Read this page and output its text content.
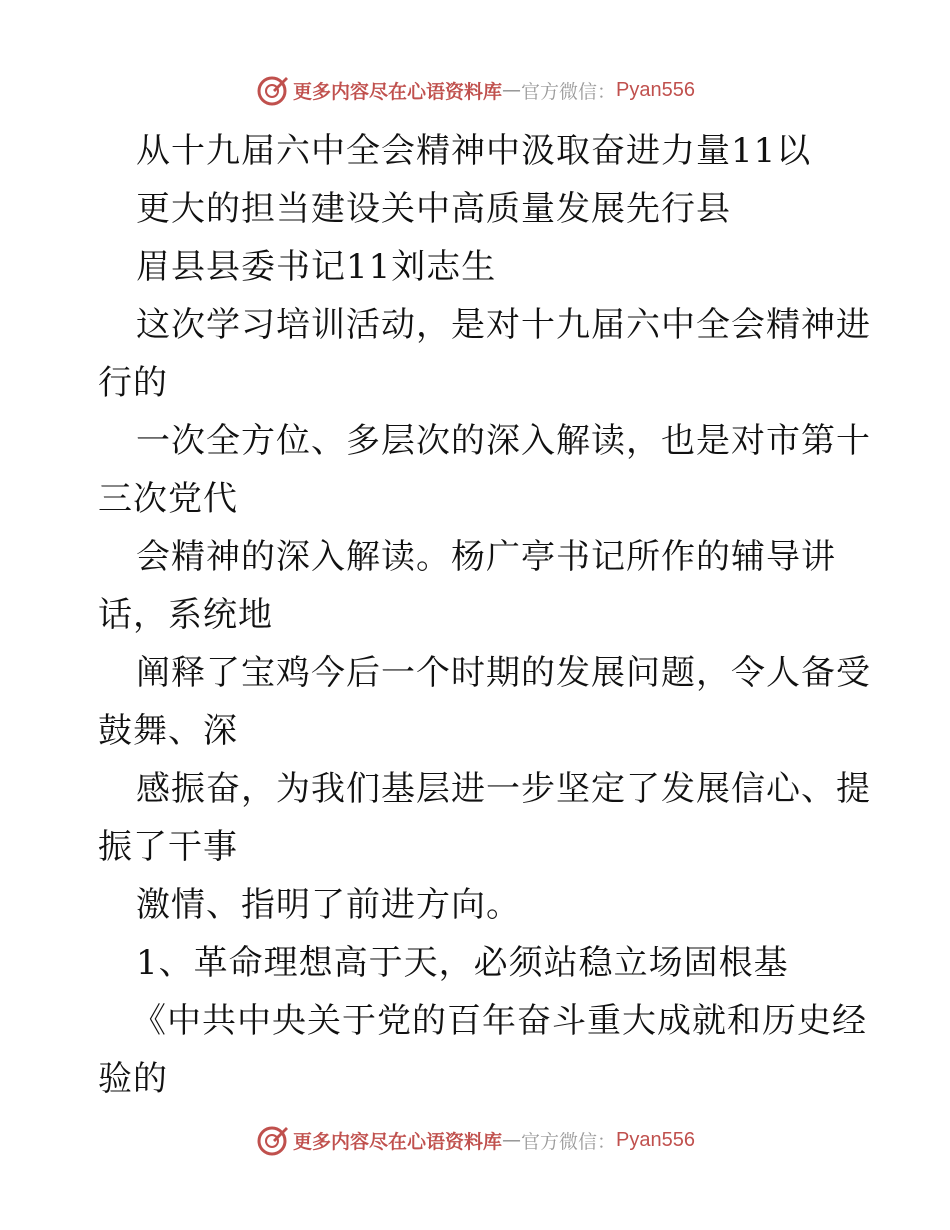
更多内容尽在心语资料库 — 官方微信： Pyan556
从十九届六中全会精神中汲取奋进力量11以
更大的担当建设关中高质量发展先行县
眉县县委书记11刘志生
这次学习培训活动，是对十九届六中全会精神进
行的
一次全方位、多层次的深入解读，也是对市第十
三次党代
会精神的深入解读。杨广亭书记所作的辅导讲
话，系统地
阐释了宝鸡今后一个时期的发展问题，令人备受
鼓舞、深
感振奋，为我们基层进一步坚定了发展信心、提
振了干事
激情、指明了前进方向。
1、革命理想高于天，必须站稳立场固根基
《中共中央关于党的百年奋斗重大成就和历史经
验的
更多内容尽在心语资料库 — 官方微信： Pyan556
